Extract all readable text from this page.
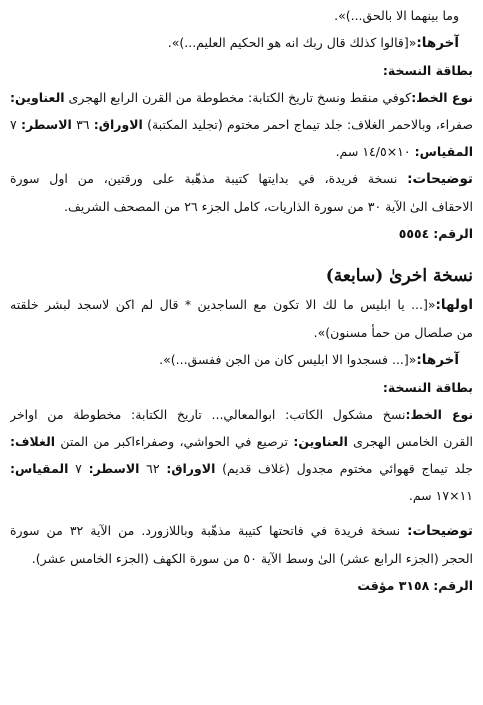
وما بينهما الا بالحق...)».
آخرها:«[قالوا كذلك قال ربك انه هو الحكيم العليم...)».
بطاقة النسخة:
نوع الخط:كوفي منقط ونسخ تاريخ الكتابة: مخطوطة من القرن الرابع الهجرى العناوين:
صفراء، وبالاحمر الغلاف: جلد تيماج احمر مختوم (تجليد المكتبة) الاوراق: ٣٦ الاسطر: ٧
المقياس: ١٠×١٤/٥ سم.
توضيحات: نسخة فريدة، في بدايتها كتيبة مذهّبة على ورقتين، من اول سورة
الاحقاف الیٰ الآية ٣٠ من سورة الذاريات، كامل الجزء ٢٦ من المصحف الشريف.
الرقم: ٥٥٥٤
نسخة اخرىٰ (سابعة)
اولها:«[... يا ابليس ما لك الا تكون مع الساجدين * قال لم اكن لاسجد لبشر خلقته
من صلصال من حمأ مسنون)».
آخرها:«[... فسجدوا الا ابليس كان من الجن ففسق...)».
بطاقة النسخة:
نوع الخط:نسخ مشكول الكاتب: ابوالمعالي... تاريخ الكتابة: مخطوطة من اواخر
القرن الخامس الهجرى العناوين: ترصيع في الحواشي، وصفراءاكبر من المتن الغلاف:
جلد تيماج قهوائي مختوم مجدول (غلاف قديم) الاوراق: ٦٢ الاسطر: ٧ المقياس:
١١×١٧ سم.
توضيحات: نسخة فريدة في فاتحتها كتيبة مذهّبة وباللازورد. من الآية ٣٢ من سورة
الحجر (الجزء الرابع عشر) الیٰ وسط الآية ٥٠ من سورة الكهف (الجزء الخامس عشر).
الرقم: ٣١٥٨ مؤقت
